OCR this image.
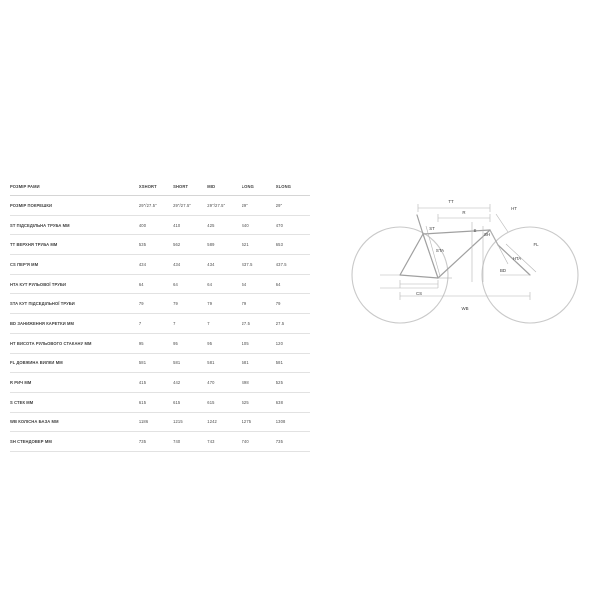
РОЗМІР РАМИ	XSHORT	SHORT	MID	LONG	XLONG
РОЗМІР ПОКРЕШКИ	29"/27.5"	29"/27.5"	29"/27.5"	29"	29"
ST ПІДСЕДІЛЬНА ТРУБА ММ	400	410	425	440	470
TT ВЕРХНЯ ТРУБА ММ	535	562	589	621	653
CS ПЕР'Я ММ	434	434	434	437.5	437.5
HTA КУТ РУЛЬОВОЇ ТРУБИ	64	64	64	64	64
STA КУТ ПІДСЕДІЛЬНОЇ ТРУБИ	79	79	79	79	79
BD ЗАНИЖЕННЯ КАРЕТКИ ММ	7	7	7	27.5	27.5
HT ВИСОТА РУЛЬОВОГО СТАКАНУ ММ	95	95	95	105	120
FL ДОВЖИНА ВИЛКИ ММ	581	581	581	581	581
R РИЧ ММ	415	442	470	498	525
S СТЕК ММ	615	615	615	625	638
WB КОЛІСНА БАЗА ММ	1186	1215	1242	1275	1308
SH СТЕНДОВЕР ММ	735	740	743	740	735
TT
R
HT
ST	S
SH
FL
STA
HTA
CS
BD
WB
